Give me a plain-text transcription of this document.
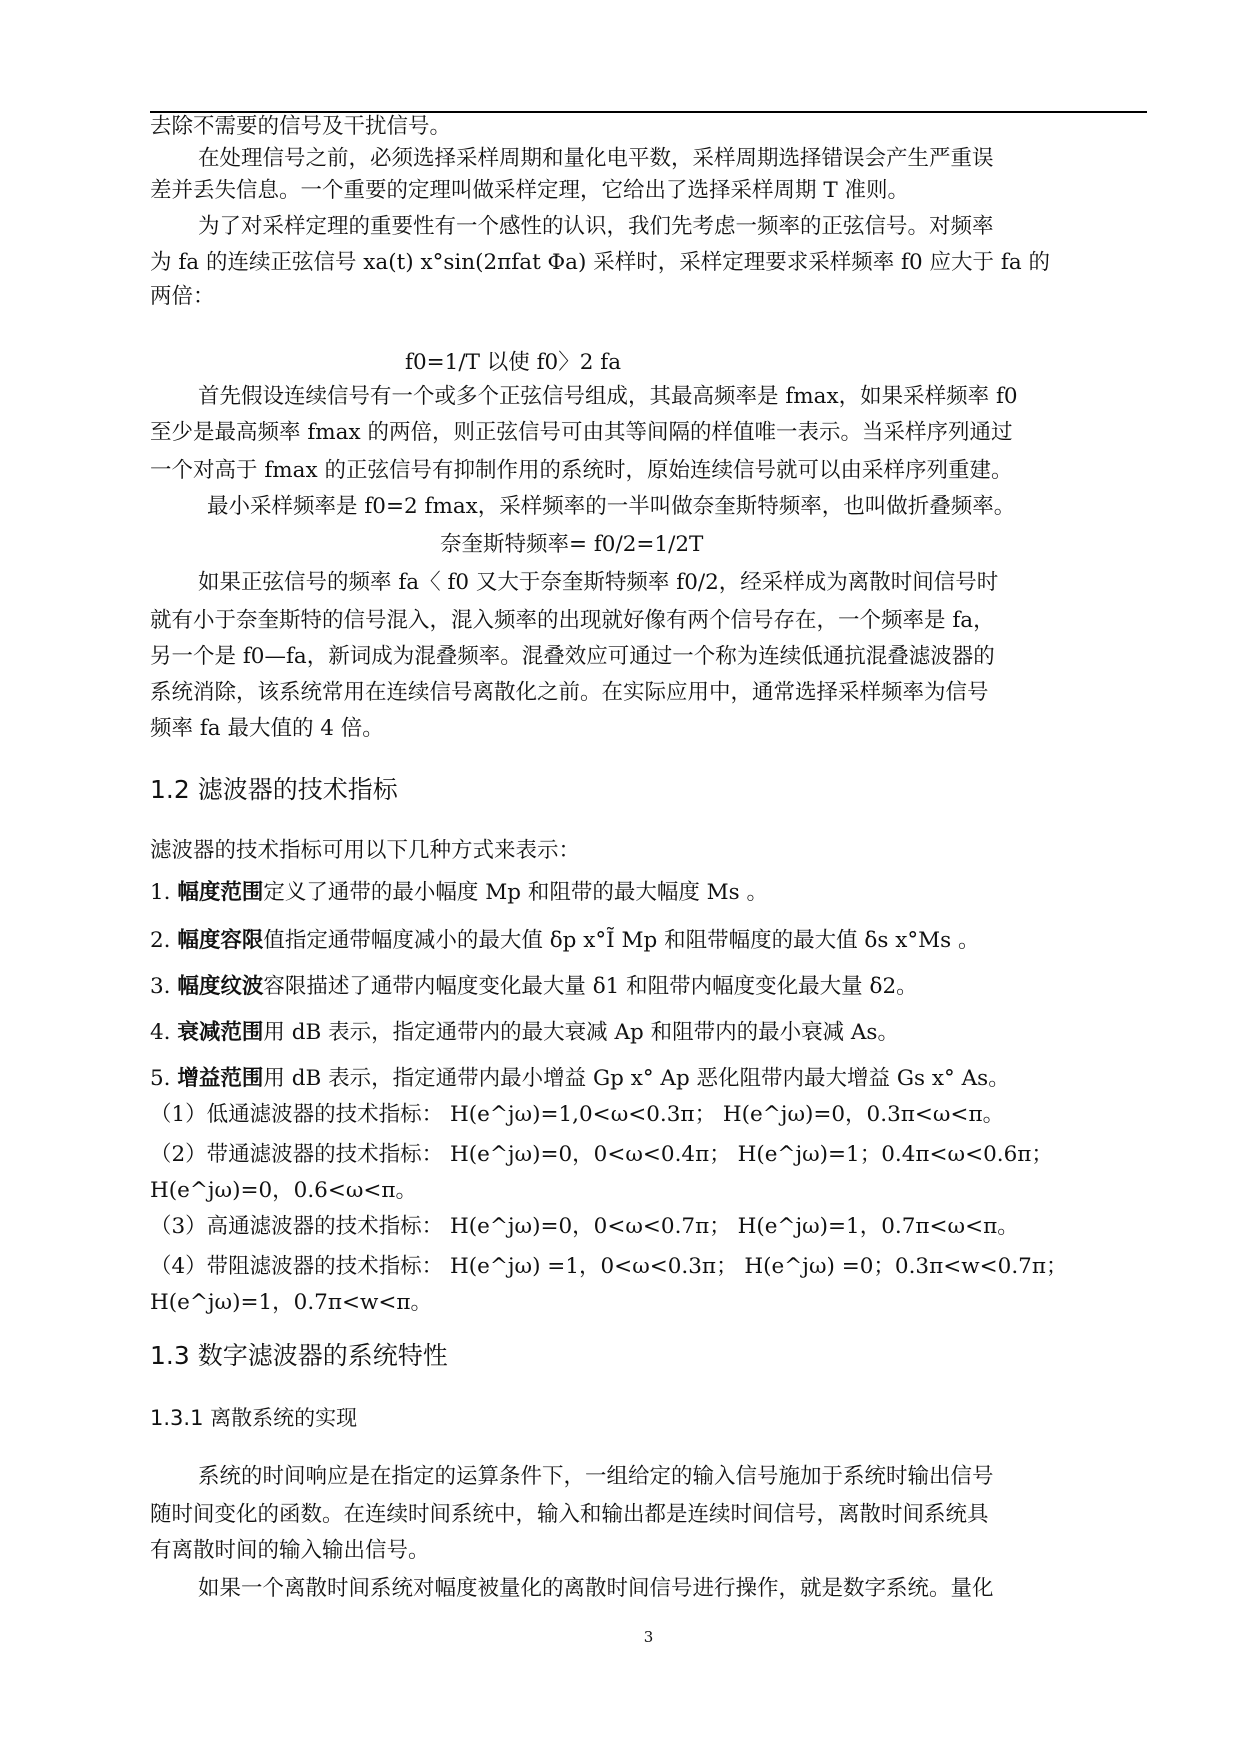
去除不需要的信号及干扰信号。
在处理信号之前，必须选择采样周期和量化电平数，采样周期选择错误会产生严重误
差并丢失信息。一个重要的定理叫做采样定理，它给出了选择采样周期 T 准则。
为了对采样定理的重要性有一个感性的认识，我们先考虑一频率的正弦信号。对频率
为 fa 的连续正弦信号 xa(t) x°sin(2πfat Φa) 采样时，采样定理要求采样频率 f0 应大于 fa 的
两倍：
f0=1/T 以使 f0〉2 fa
首先假设连续信号有一个或多个正弦信号组成，其最高频率是 fmax，如果采样频率 f0
至少是最高频率 fmax 的两倍，则正弦信号可由其等间隔的样值唯一表示。当采样序列通过
一个对高于 fmax 的正弦信号有抑制作用的系统时，原始连续信号就可以由采样序列重建。
最小采样频率是 f0=2 fmax，采样频率的一半叫做奈奎斯特频率，也叫做折叠频率。
奈奎斯特频率= f0/2=1/2T
如果正弦信号的频率 fa〈 f0 又大于奈奎斯特频率 f0/2，经采样成为离散时间信号时
就有小于奈奎斯特的信号混入，混入频率的出现就好像有两个信号存在，一个频率是 fa，
另一个是 f0—fa，新词成为混叠频率。混叠效应可通过一个称为连续低通抗混叠滤波器的
系统消除，该系统常用在连续信号离散化之前。在实际应用中，通常选择采样频率为信号
频率 fa 最大值的 4 倍。
1.2 滤波器的技术指标
滤波器的技术指标可用以下几种方式来表示：
1. 幅度范围定义了通带的最小幅度 Mp 和阻带的最大幅度 Ms 。
2. 幅度容限值指定通带幅度减小的最大值 δp x°Ĩ Mp 和阻带幅度的最大值 δs x°Ms 。
3. 幅度纹波容限描述了通带内幅度变化最大量 δ1 和阻带内幅度变化最大量 δ2。
4. 衰减范围用 dB 表示，指定通带内的最大衰减 Ap 和阻带内的最小衰减 As。
5. 增益范围用 dB 表示，指定通带内最小增益 Gp x° Ap 恶化阻带内最大增益 Gs x° As。
（1）低通滤波器的技术指标： H(e^jω)=1,0<ω<0.3π； H(e^jω)=0，0.3π<ω<π。
（2）带通滤波器的技术指标： H(e^jω)=0，0<ω<0.4π； H(e^jω)=1；0.4π<ω<0.6π；
H(e^jω)=0，0.6<ω<π。
（3）高通滤波器的技术指标： H(e^jω)=0，0<ω<0.7π； H(e^jω)=1，0.7π<ω<π。
（4）带阻滤波器的技术指标： H(e^jω) =1，0<ω<0.3π； H(e^jω) =0；0.3π<w<0.7π；
H(e^jω)=1，0.7π<w<π。
1.3 数字滤波器的系统特性
1.3.1 离散系统的实现
系统的时间响应是在指定的运算条件下，一组给定的输入信号施加于系统时输出信号
随时间变化的函数。在连续时间系统中，输入和输出都是连续时间信号，离散时间系统具
有离散时间的输入输出信号。
如果一个离散时间系统对幅度被量化的离散时间信号进行操作，就是数字系统。量化
3
